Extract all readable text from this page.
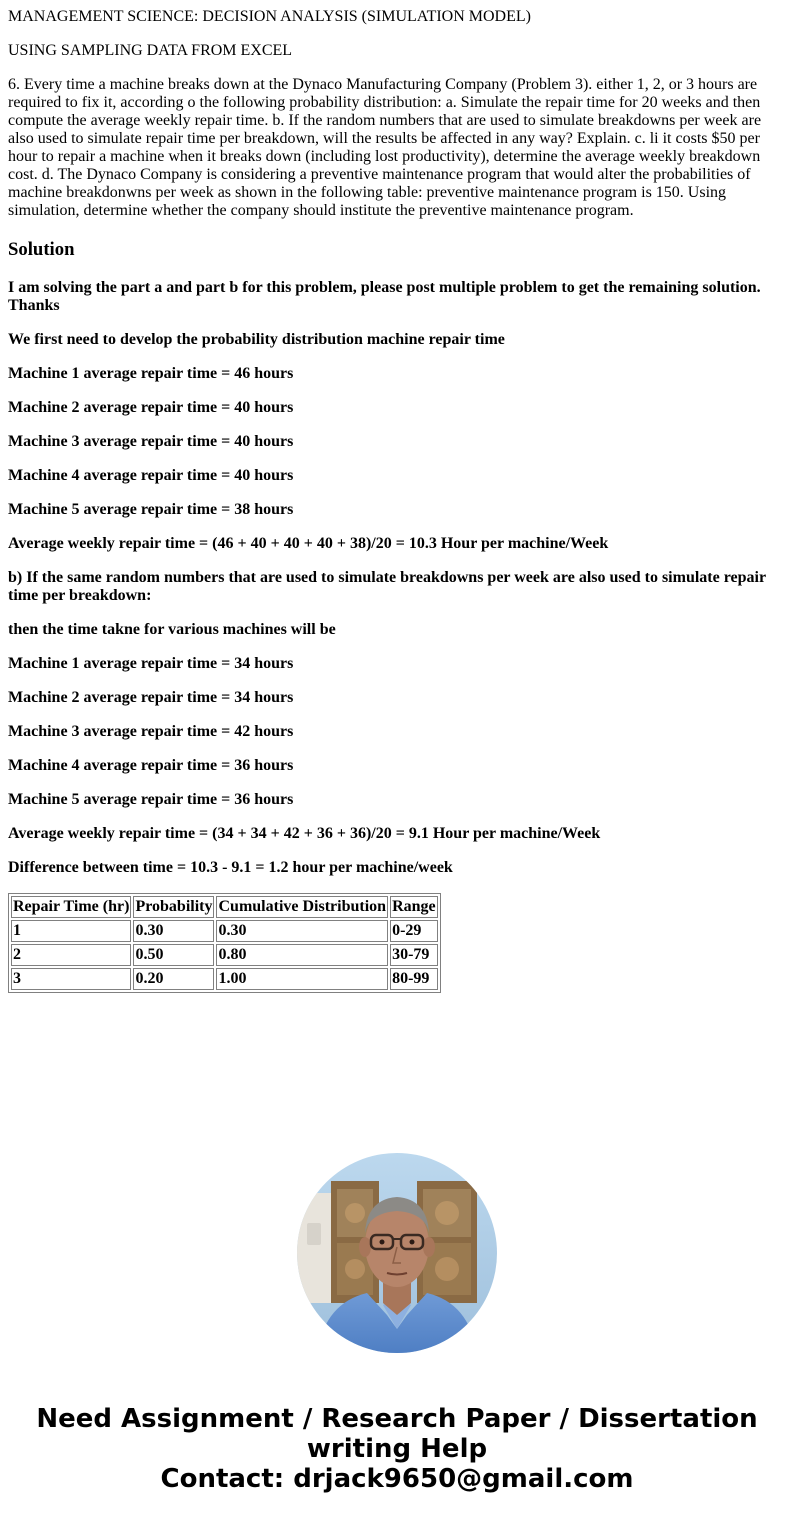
MANAGEMENT SCIENCE: DECISION ANALYSIS (SIMULATION MODEL)

USING SAMPLING DATA FROM EXCEL

6. Every time a machine breaks down at the Dynaco Manufacturing Company (Problem 3). either 1, 2, or 3 hours are required to fix it, according o the following probability distribution: a. Simulate the repair time for 20 weeks and then compute the average weekly repair time. b. If the random numbers that are used to simulate breakdowns per week are also used to simulate repair time per breakdown, will the results be affected in any way? Explain. c. li it costs $50 per hour to repair a machine when it breaks down (including lost productivity), determine the average weekly breakdown cost. d. The Dynaco Company is considering a preventive maintenance program that would alter the probabilities of machine breakdonwns per week as shown in the following table: preventive maintenance program is 150. Using simulation, determine whether the company should institute the preventive maintenance program.

Solution

I am solving the part a and part b for this problem, please post multiple problem to get the remaining solution. Thanks

We first need to develop the probability distribution machine repair time

Machine 1 average repair time = 46 hours

Machine 2 average repair time = 40 hours

Machine 3 average repair time = 40 hours

Machine 4 average repair time = 40 hours

Machine 5 average repair time = 38 hours

Average weekly repair time = (46 + 40 + 40 + 40 + 38)/20 = 10.3 Hour per machine/Week

b) If the same random numbers that are used to simulate breakdowns per week are also used to simulate repair time per breakdown:

then the time takne for various machines will be

Machine 1 average repair time = 34 hours

Machine 2 average repair time = 34 hours

Machine 3 average repair time = 42 hours

Machine 4 average repair time = 36 hours

Machine 5 average repair time = 36 hours

Average weekly repair time = (34 + 34 + 42 + 36 + 36)/20 = 9.1 Hour per machine/Week

Difference between time = 10.3 - 9.1 = 1.2 hour per machine/week

Repair Time (hr)	Probability	Cumulative Distribution	Range
1	0.30	0.30	0-29
2	0.50	0.80	30-79
3	0.20	1.00	80-99
Need Assignment / Research Paper / Dissertation
writing Help
Contact: drjack9650@gmail.com
